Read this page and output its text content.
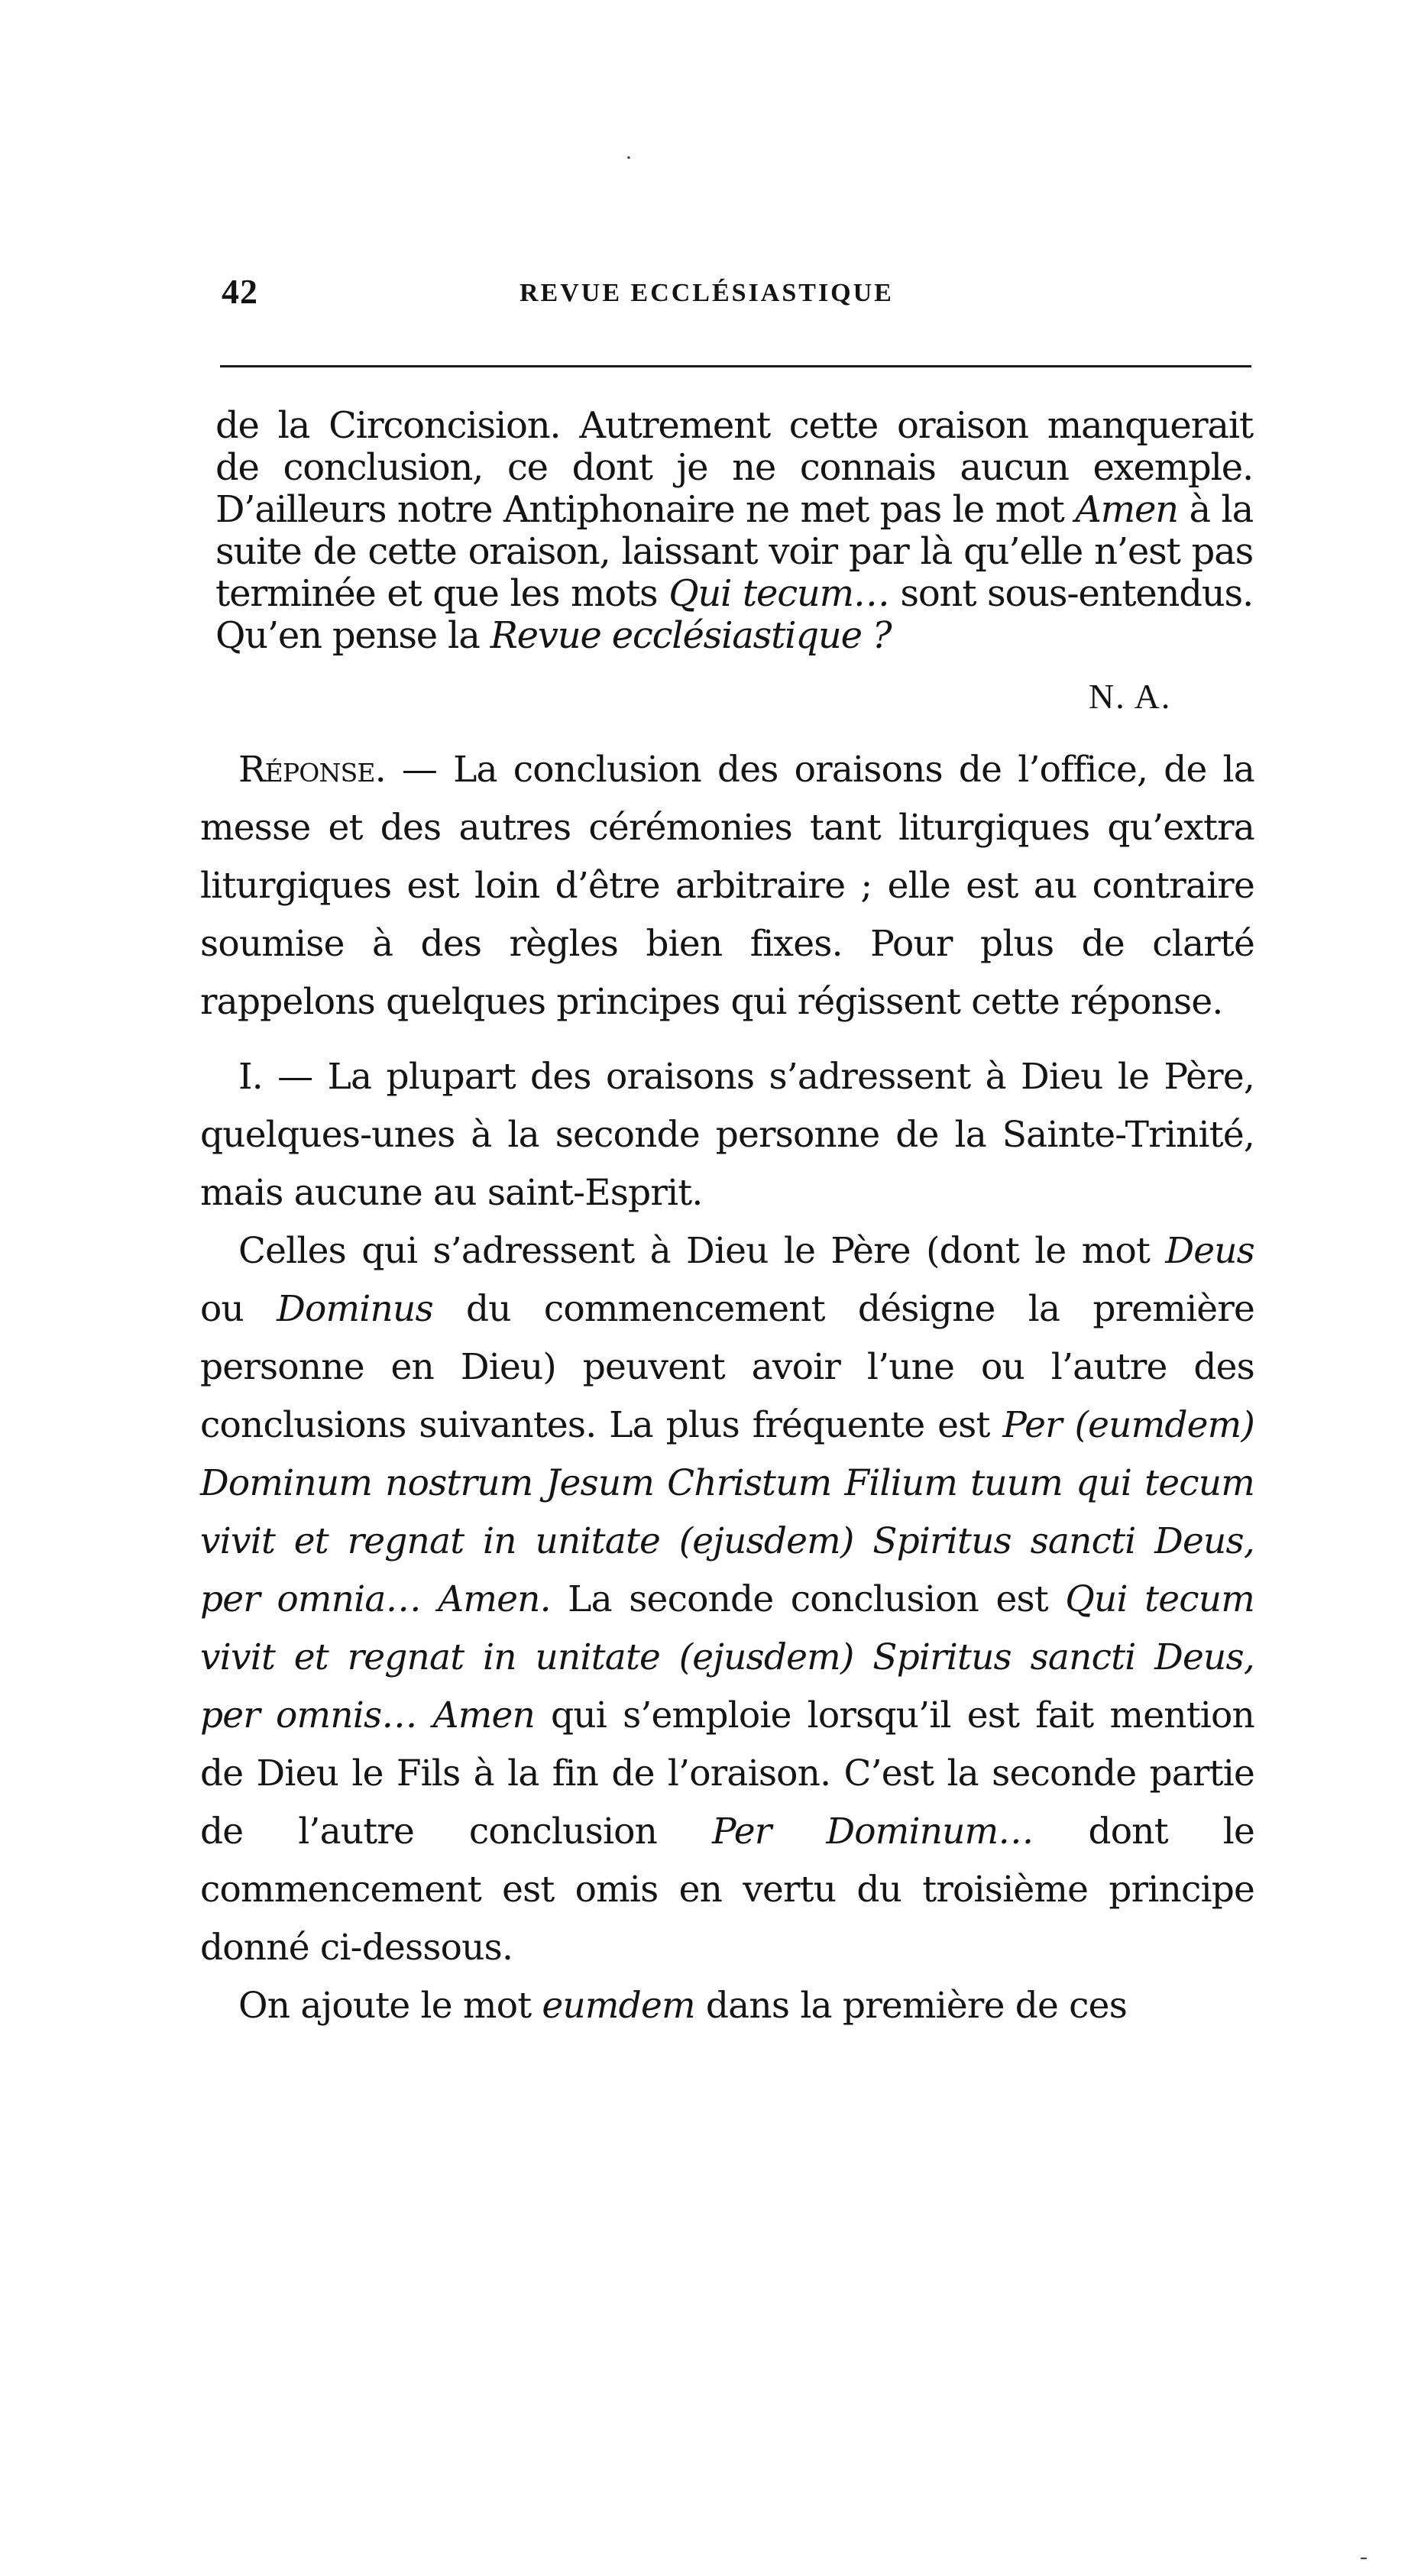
·
42	REVUE ECCLÉSIASTIQUE
de la Circoncision. Autrement cette oraison manquerait de conclusion, ce dont je ne connais aucun exemple. D’ailleurs notre Antiphonaire ne met pas le mot Amen à la suite de cette oraison, laissant voir par là qu’elle n’est pas terminée et que les mots Qui tecum… sont sous-entendus. Qu’en pense la Revue ecclésiastique ?
N. A.

Réponse. — La conclusion des oraisons de l’office, de la messe et des autres cérémonies tant liturgiques qu’extra liturgiques est loin d’être arbitraire ; elle est au contraire soumise à des règles bien fixes. Pour plus de clarté rappelons quelques principes qui régissent cette réponse.

I. — La plupart des oraisons s’adressent à Dieu le Père, quelques-unes à la seconde personne de la Sainte-Trinité, mais aucune au saint-Esprit.

Celles qui s’adressent à Dieu le Père (dont le mot Deus ou Dominus du commencement désigne la première personne en Dieu) peuvent avoir l’une ou l’autre des conclusions suivantes. La plus fréquente est Per (eumdem) Dominum nostrum Jesum Christum Filium tuum qui tecum vivit et regnat in unitate (ejusdem) Spiritus sancti Deus, per omnia… Amen. La seconde conclusion est Qui tecum vivit et regnat in unitate (ejusdem) Spiritus sancti Deus, per omnis… Amen qui s’emploie lorsqu’il est fait mention de Dieu le Fils à la fin de l’oraison. C’est la seconde partie de l’autre conclusion Per Dominum… dont le commencement est omis en vertu du troisième principe donné ci-dessous.

On ajoute le mot eumdem dans la première de ces

-
